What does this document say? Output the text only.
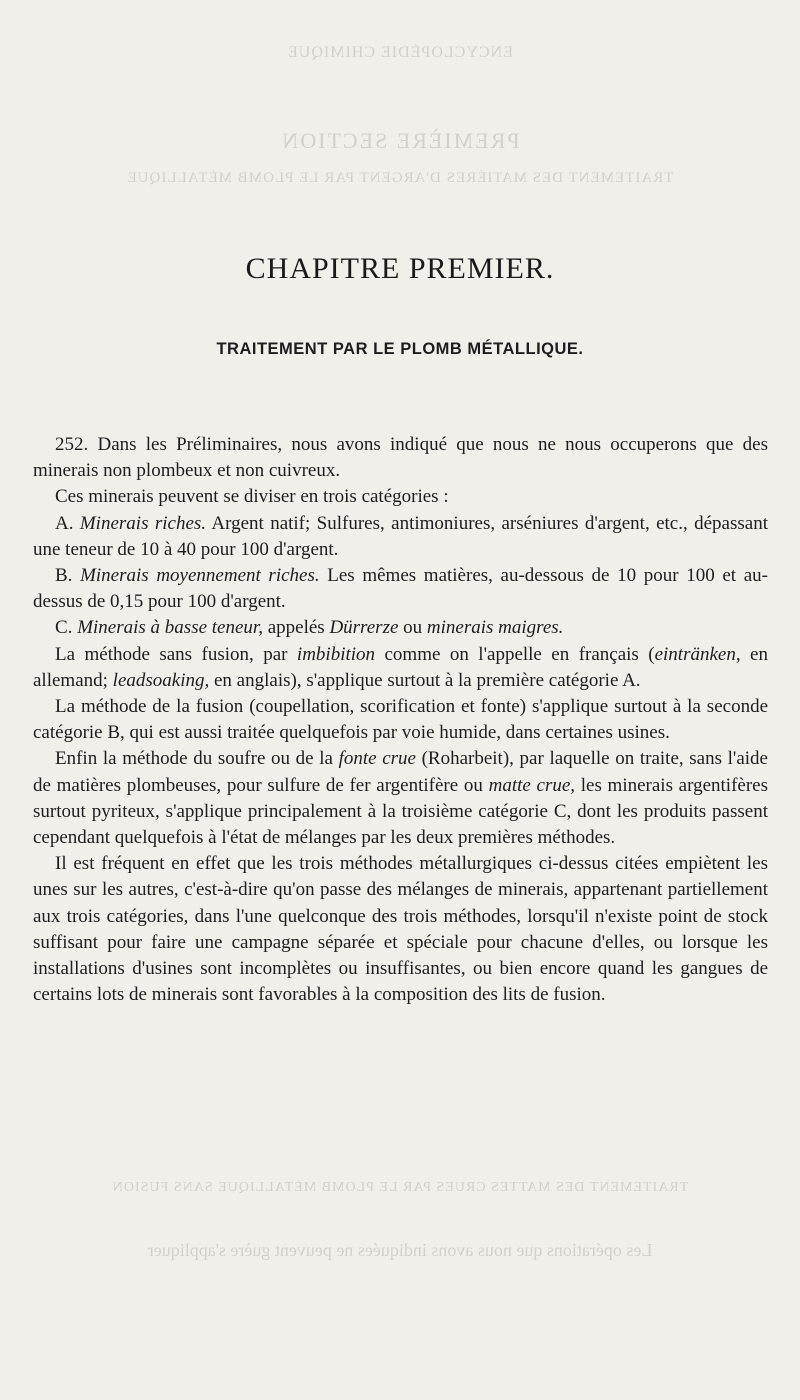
ENCYCLOPÉDIE CHIMIQUE
PREMIÈRE SECTION
TRAITEMENT DES MATIÈRES D'ARGENT PAR LE PLOMB MÉTALLIQUE
TRAITEMENT DES MATTES CRUES PAR LE PLOMB MÉTALLIQUE SANS FUSION
Les opérations que nous avons indiquées ne peuvent guère s'appliquer
CHAPITRE PREMIER.
TRAITEMENT PAR LE PLOMB MÉTALLIQUE.

252. Dans les Préliminaires, nous avons indiqué que nous ne nous occuperons que des minerais non plombeux et non cuivreux.

Ces minerais peuvent se diviser en trois catégories :

A. Minerais riches. Argent natif; Sulfures, antimoniures, arséniures d'argent, etc., dépassant une teneur de 10 à 40 pour 100 d'argent.

B. Minerais moyennement riches. Les mêmes matières, au-dessous de 10 pour 100 et au-dessus de 0,15 pour 100 d'argent.

C. Minerais à basse teneur, appelés Dürrerze ou minerais maigres.

La méthode sans fusion, par imbibition comme on l'appelle en français (eintränken, en allemand; leadsoaking, en anglais), s'applique surtout à la première catégorie A.

La méthode de la fusion (coupellation, scorification et fonte) s'applique surtout à la seconde catégorie B, qui est aussi traitée quelquefois par voie humide, dans certaines usines.

Enfin la méthode du soufre ou de la fonte crue (Roharbeit), par laquelle on traite, sans l'aide de matières plombeuses, pour sulfure de fer argentifère ou matte crue, les minerais argentifères surtout pyriteux, s'applique principalement à la troisième catégorie C, dont les produits passent cependant quelquefois à l'état de mélanges par les deux premières méthodes.

Il est fréquent en effet que les trois méthodes métallurgiques ci-dessus citées empiètent les unes sur les autres, c'est-à-dire qu'on passe des mélanges de minerais, appartenant partiellement aux trois catégories, dans l'une quelconque des trois méthodes, lorsqu'il n'existe point de stock suffisant pour faire une campagne séparée et spéciale pour chacune d'elles, ou lorsque les installations d'usines sont incomplètes ou insuffisantes, ou bien encore quand les gangues de certains lots de minerais sont favorables à la composition des lits de fusion.
